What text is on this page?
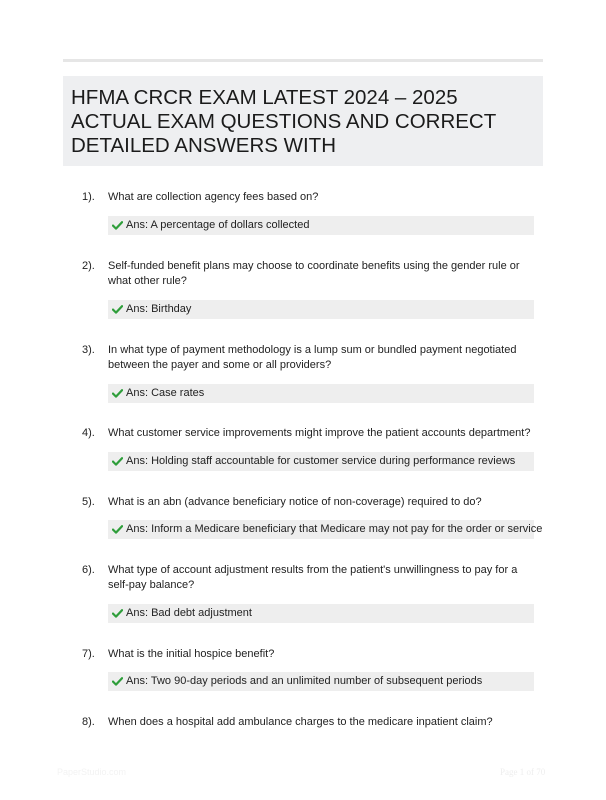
HFMA CRCR EXAM LATEST 2024 – 2025
ACTUAL EXAM QUESTIONS AND CORRECT
DETAILED ANSWERS WITH
1). What are collection agency fees based on?
Ans: A percentage of dollars collected
2). Self-funded benefit plans may choose to coordinate benefits using the gender rule or what other rule?
Ans: Birthday
3). In what type of payment methodology is a lump sum or bundled payment negotiated between the payer and some or all providers?
Ans: Case rates
4). What customer service improvements might improve the patient accounts department?
Ans: Holding staff accountable for customer service during performance reviews
5). What is an abn (advance beneficiary notice of non-coverage) required to do?
Ans: Inform a Medicare beneficiary that Medicare may not pay for the order or service
6). What type of account adjustment results from the patient's unwillingness to pay for a self-pay balance?
Ans: Bad debt adjustment
7). What is the initial hospice benefit?
Ans: Two 90-day periods and an unlimited number of subsequent periods
8). When does a hospital add ambulance charges to the medicare inpatient claim?
PaperStudio.com	Page 1 of 70
